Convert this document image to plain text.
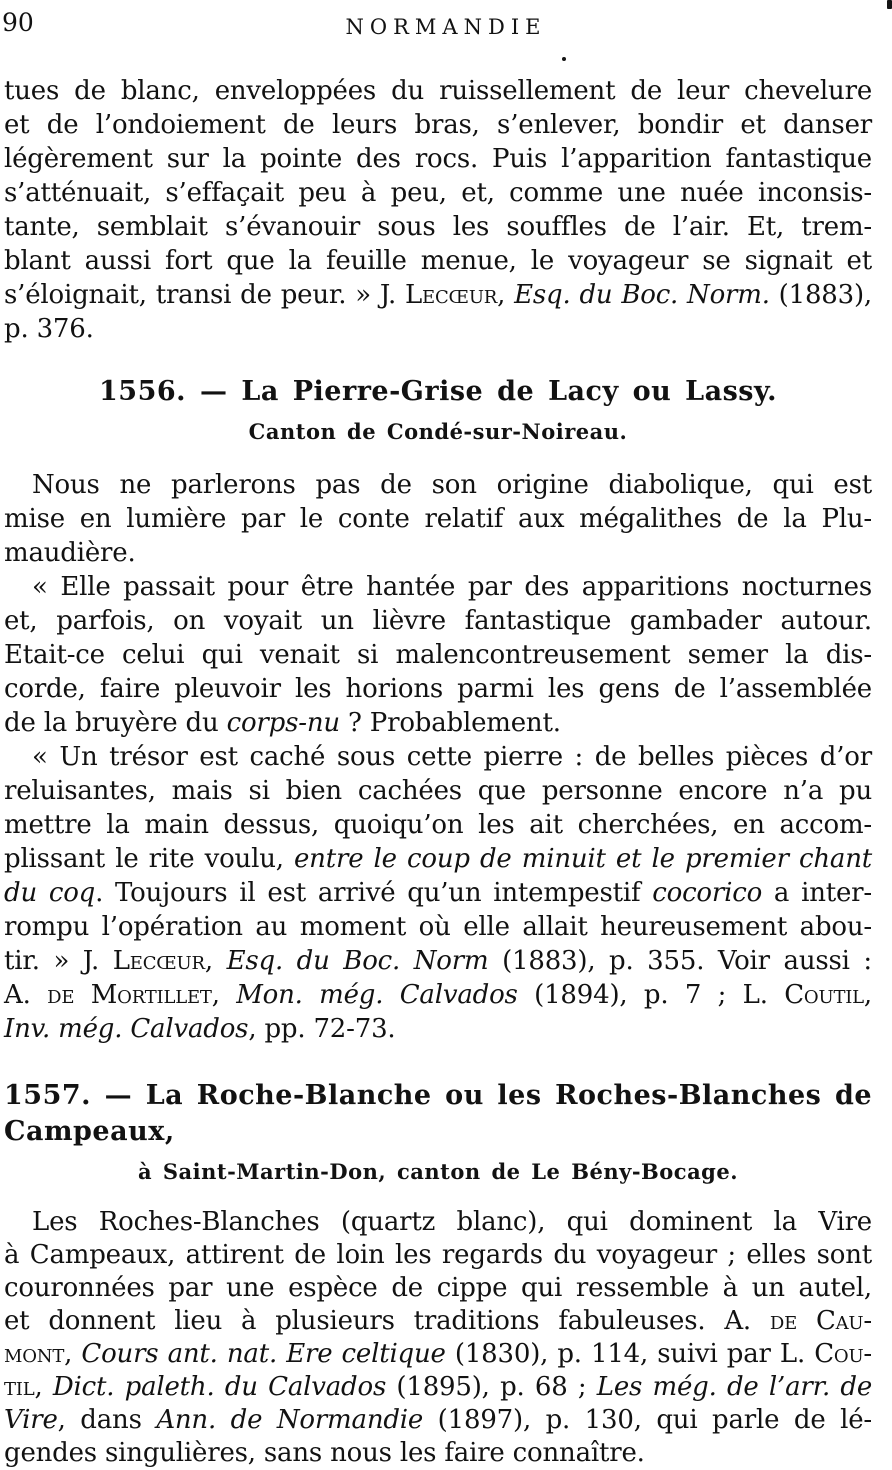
90	NORMANDIE
tues de blanc, enveloppées du ruissellement de leur chevelure
et de l’ondoiement de leurs bras, s’enlever, bondir et danser
légèrement sur la pointe des rocs. Puis l’apparition fantastique
s’atténuait, s’effaçait peu à peu, et, comme une nuée inconsis-
tante, semblait s’évanouir sous les souffles de l’air. Et, trem-
blant aussi fort que la feuille menue, le voyageur se signait et
s’éloignait, transi de peur. » J. Lecœur, Esq. du Boc. Norm. (1883),
p. 376.
1556. — La Pierre-Grise de Lacy ou Lassy.
Canton de Condé-sur-Noireau.
Nous ne parlerons pas de son origine diabolique, qui est
mise en lumière par le conte relatif aux mégalithes de la Plu-
maudière.
« Elle passait pour être hantée par des apparitions nocturnes
et, parfois, on voyait un lièvre fantastique gambader autour.
Etait-ce celui qui venait si malencontreusement semer la dis-
corde, faire pleuvoir les horions parmi les gens de l’assemblée
de la bruyère du corps-nu ? Probablement.
« Un trésor est caché sous cette pierre : de belles pièces d’or
reluisantes, mais si bien cachées que personne encore n’a pu
mettre la main dessus, quoiqu’on les ait cherchées, en accom-
plissant le rite voulu, entre le coup de minuit et le premier chant
du coq. Toujours il est arrivé qu’un intempestif cocorico a inter-
rompu l’opération au moment où elle allait heureusement abou-
tir. » J. Lecœur, Esq. du Boc. Norm (1883), p. 355. Voir aussi :
A. de Mortillet, Mon. még. Calvados (1894), p. 7 ; L. Coutil,
Inv. még. Calvados, pp. 72-73.
1557. — La Roche-Blanche ou les Roches-Blanches de Campeaux,
à Saint-Martin-Don, canton de Le Bény-Bocage.
Les Roches-Blanches (quartz blanc), qui dominent la Vire
à Campeaux, attirent de loin les regards du voyageur ; elles sont
couronnées par une espèce de cippe qui ressemble à un autel,
et donnent lieu à plusieurs traditions fabuleuses. A. de Cau-
mont, Cours ant. nat. Ere celtique (1830), p. 114, suivi par L. Cou-
til, Dict. paleth. du Calvados (1895), p. 68 ; Les még. de l’arr. de
Vire, dans Ann. de Normandie (1897), p. 130, qui parle de lé-
gendes singulières, sans nous les faire connaître.
